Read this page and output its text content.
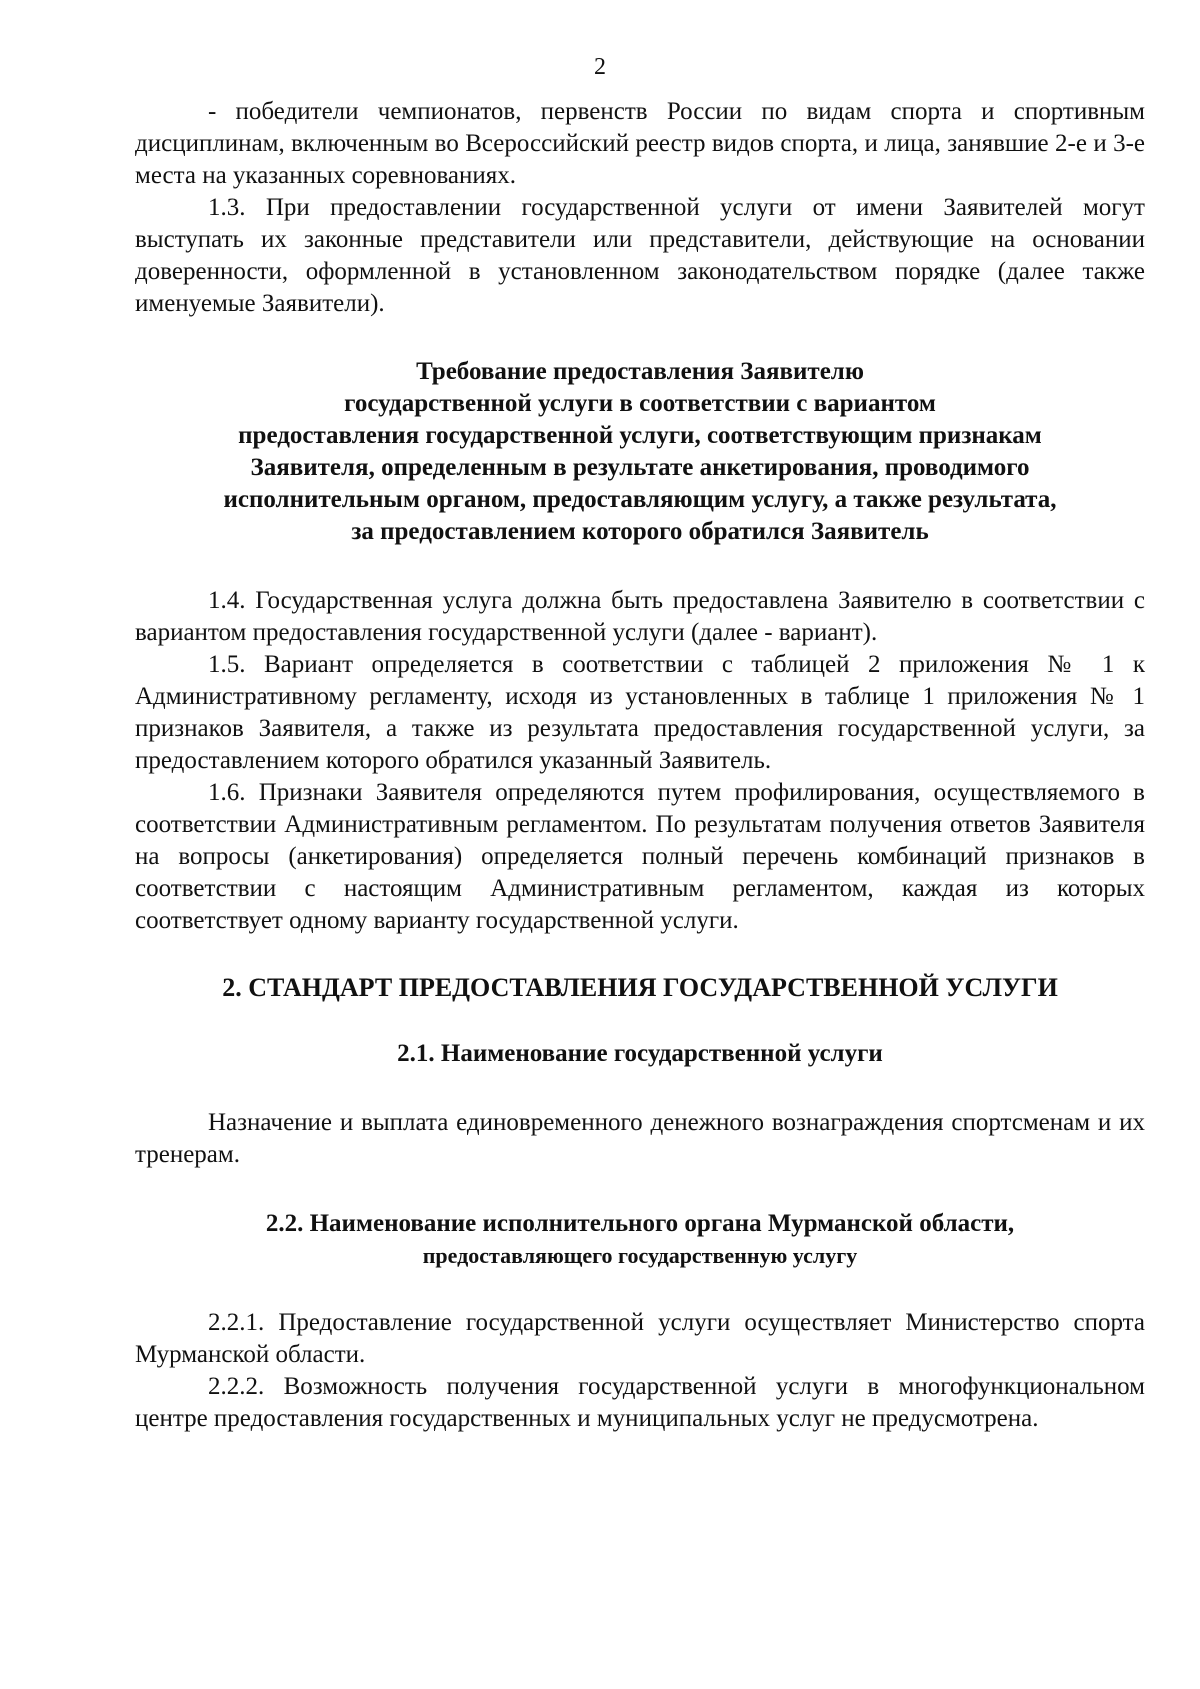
2

- победители чемпионатов, первенств России по видам спорта и спортивным дисциплинам, включенным во Всероссийский реестр видов спорта, и лица, занявшие 2-е и 3-е места на указанных соревнованиях.

1.3. При предоставлении государственной услуги от имени Заявителей могут выступать их законные представители или представители, действующие на основании доверенности, оформленной в установленном законодательством порядке (далее также именуемые Заявители).

Требование предоставления Заявителю
государственной услуги в соответствии с вариантом
предоставления государственной услуги, соответствующим признакам
Заявителя, определенным в результате анкетирования, проводимого
исполнительным органом, предоставляющим услугу, а также результата,
за предоставлением которого обратился Заявитель

1.4. Государственная услуга должна быть предоставлена Заявителю в соответствии с вариантом предоставления государственной услуги (далее - вариант).

1.5. Вариант определяется в соответствии с таблицей 2 приложения № 1 к Административному регламенту, исходя из установленных в таблице 1 приложения № 1 признаков Заявителя, а также из результата предоставления государственной услуги, за предоставлением которого обратился указанный Заявитель.

1.6. Признаки Заявителя определяются путем профилирования, осуществляемого в соответствии Административным регламентом. По результатам получения ответов Заявителя на вопросы (анкетирования) определяется полный перечень комбинаций признаков в соответствии с настоящим Административным регламентом, каждая из которых соответствует одному варианту государственной услуги.

2. СТАНДАРТ ПРЕДОСТАВЛЕНИЯ ГОСУДАРСТВЕННОЙ УСЛУГИ
2.1. Наименование государственной услуги

Назначение и выплата единовременного денежного вознаграждения спортсменам и их тренерам.

2.2. Наименование исполнительного органа Мурманской области,
предоставляющего государственную услугу

2.2.1. Предоставление государственной услуги осуществляет Министерство спорта Мурманской области.

2.2.2. Возможность получения государственной услуги в многофункциональном центре предоставления государственных и муниципальных услуг не предусмотрена.
